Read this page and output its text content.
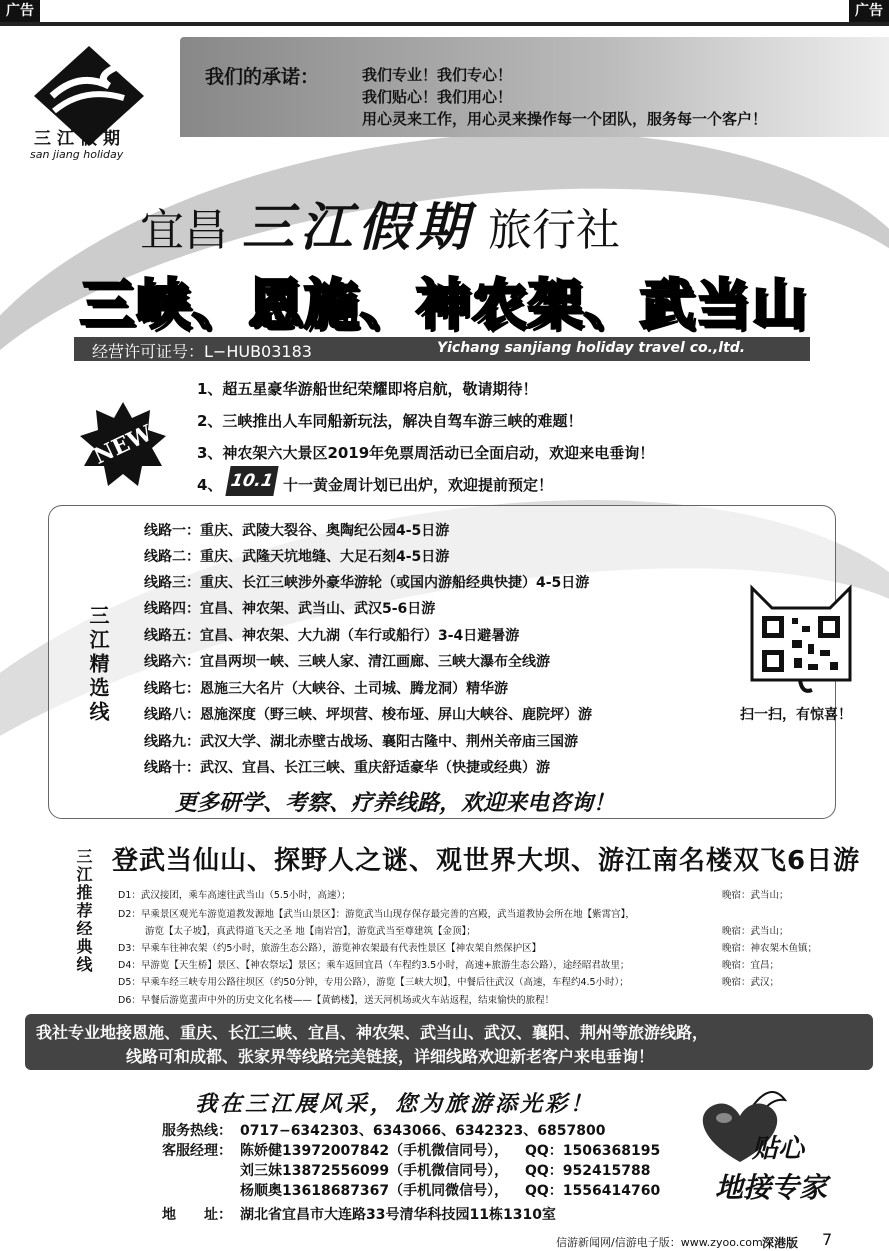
广告	广告
三江假期
san jiang holiday
我们的承诺：	我们专业！我们专心！
我们贴心！我们用心！
用心灵来工作，用心灵来操作每一个团队，服务每一个客户！
宜昌 三江假期 旅行社
三峡、恩施、神农架、武当山
经营许可证号：L−HUB03183	Yichang sanjiang holiday travel co.,ltd.
NEW
1、超五星豪华游船世纪荣耀即将启航，敬请期待！
2、三峡推出人车同船新玩法，解决自驾车游三峡的难题！
3、神农架六大景区2019年免票周活动已全面启动，欢迎来电垂询！
4、 10.1 十一黄金周计划已出炉，欢迎提前预定！
三江精选线
线路一：重庆、武陵大裂谷、奥陶纪公园4-5日游
线路二：重庆、武隆天坑地缝、大足石刻4-5日游
线路三：重庆、长江三峡涉外豪华游轮（或国内游船经典快捷）4-5日游
线路四：宜昌、神农架、武当山、武汉5-6日游
线路五：宜昌、神农架、大九湖（车行或船行）3-4日避暑游
线路六：宜昌两坝一峡、三峡人家、清江画廊、三峡大瀑布全线游
线路七：恩施三大名片（大峡谷、土司城、腾龙洞）精华游
线路八：恩施深度（野三峡、坪坝营、梭布垭、屏山大峡谷、鹿院坪）游
线路九：武汉大学、湖北赤壁古战场、襄阳古隆中、荆州关帝庙三国游
线路十：武汉、宜昌、长江三峡、重庆舒适豪华（快捷或经典）游
更多研学、考察、疗养线路，欢迎来电咨询！
扫一扫，有惊喜！
三江推荐经典线 登武当仙山、探野人之谜、观世界大坝、游江南名楼双飞6日游
D1：武汉接团，乘车高速往武当山（5.5小时，高速）；	晚宿：武当山；
D2：早乘景区观光车游览道教发源地【武当山景区】：游览武当山现存保存最完善的宫殿，武当道教协会所在地【紫霄宫】，
游览【太子坡】，真武得道飞天之圣 地【南岩宫】，游览武当至尊建筑【金顶】；	晚宿：武当山；
D3：早乘车往神农架（约5小时，旅游生态公路），游览神农架最有代表性景区【神农架自然保护区】	晚宿：神农架木鱼镇；
D4：早游览【天生桥】景区、【神农祭坛】景区；乘车返回宜昌（车程约3.5小时，高速+旅游生态公路），途经昭君故里；	晚宿：宜昌；
D5：早乘车经三峡专用公路往坝区（约50分钟，专用公路），游览【三峡大坝】，中餐后往武汉（高速，车程约4.5小时）；	晚宿：武汉；
D6：早餐后游览蜚声中外的历史文化名楼——【黄鹤楼】，送天河机场或火车站返程，结束愉快的旅程！
我社专业地接恩施、重庆、长江三峡、宜昌、神农架、武当山、武汉、襄阳、荆州等旅游线路，
线路可和成都、张家界等线路完美链接，详细线路欢迎新老客户来电垂询！
我在三江展风采，您为旅游添光彩！
服务热线： 0717−6342303、6343066、6342323、6857800
客服经理： 陈娇健13972007842（手机微信同号）， QQ：1506368195
刘三妹13872556099（手机微信同号）， QQ：952415788
杨顺奥13618687367（手机同微信号）， QQ：1556414760
地　　址： 湖北省宜昌市大连路33号清华科技园11栋1310室
贴心
地接专家
信游新闻网/信游电子版：www.zyoo.com 深港版 7
